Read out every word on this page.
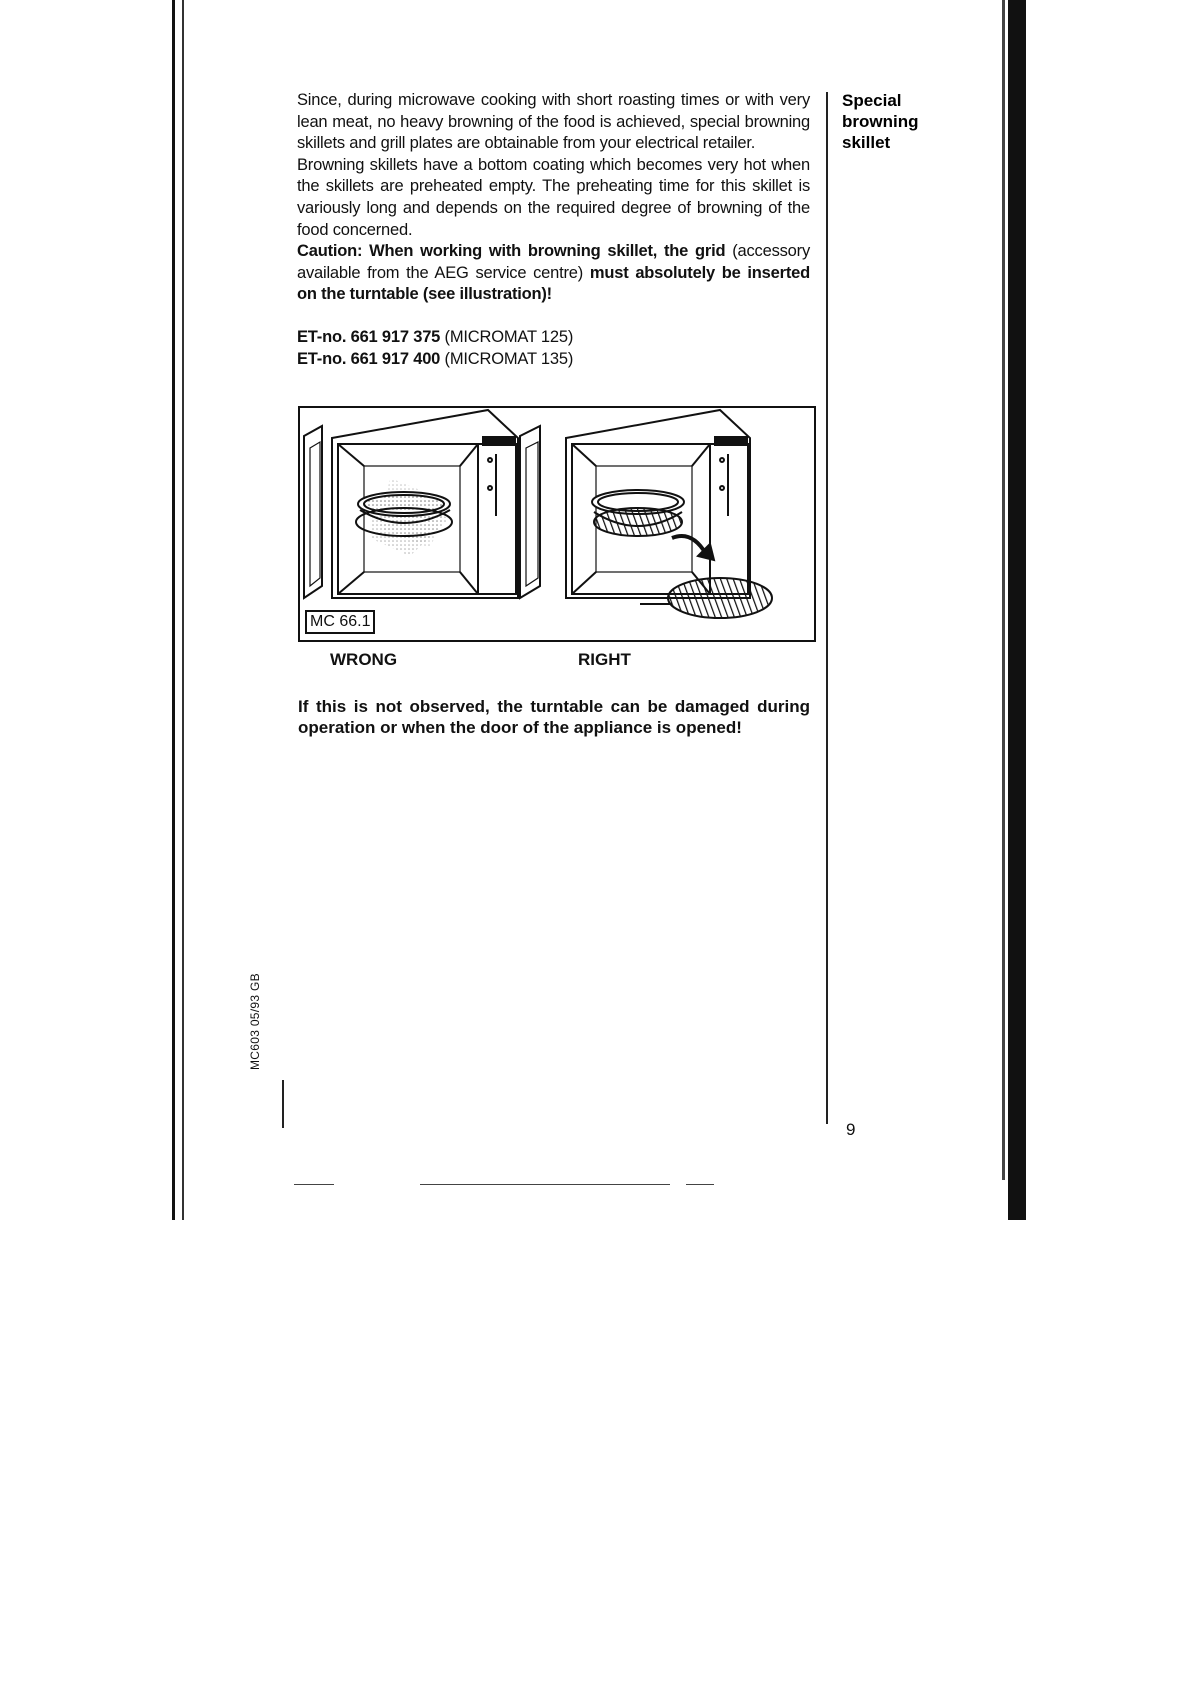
Since, during microwave cooking with short roasting times or with very lean meat, no heavy browning of the food is achieved, special browning skillets and grill plates are obtainable from your electrical retailer.

Browning skillets have a bottom coating which becomes very hot when the skillets are preheated empty. The preheating time for this skillet is variously long and depends on the required degree of browning of the food concerned.

Caution: When working with browning skillet, the grid (accessory available from the AEG service centre) must absolutely be inserted on the turntable (see illustration)!

ET-no. 661 917 375 (MICROMAT 125)
ET-no. 661 917 400 (MICROMAT 135)

Special browning skillet
MC 66.1
WRONG	RIGHT

If this is not observed, the turntable can be damaged during operation or when the door of the appliance is opened!

MC603 05/93 GB
9
